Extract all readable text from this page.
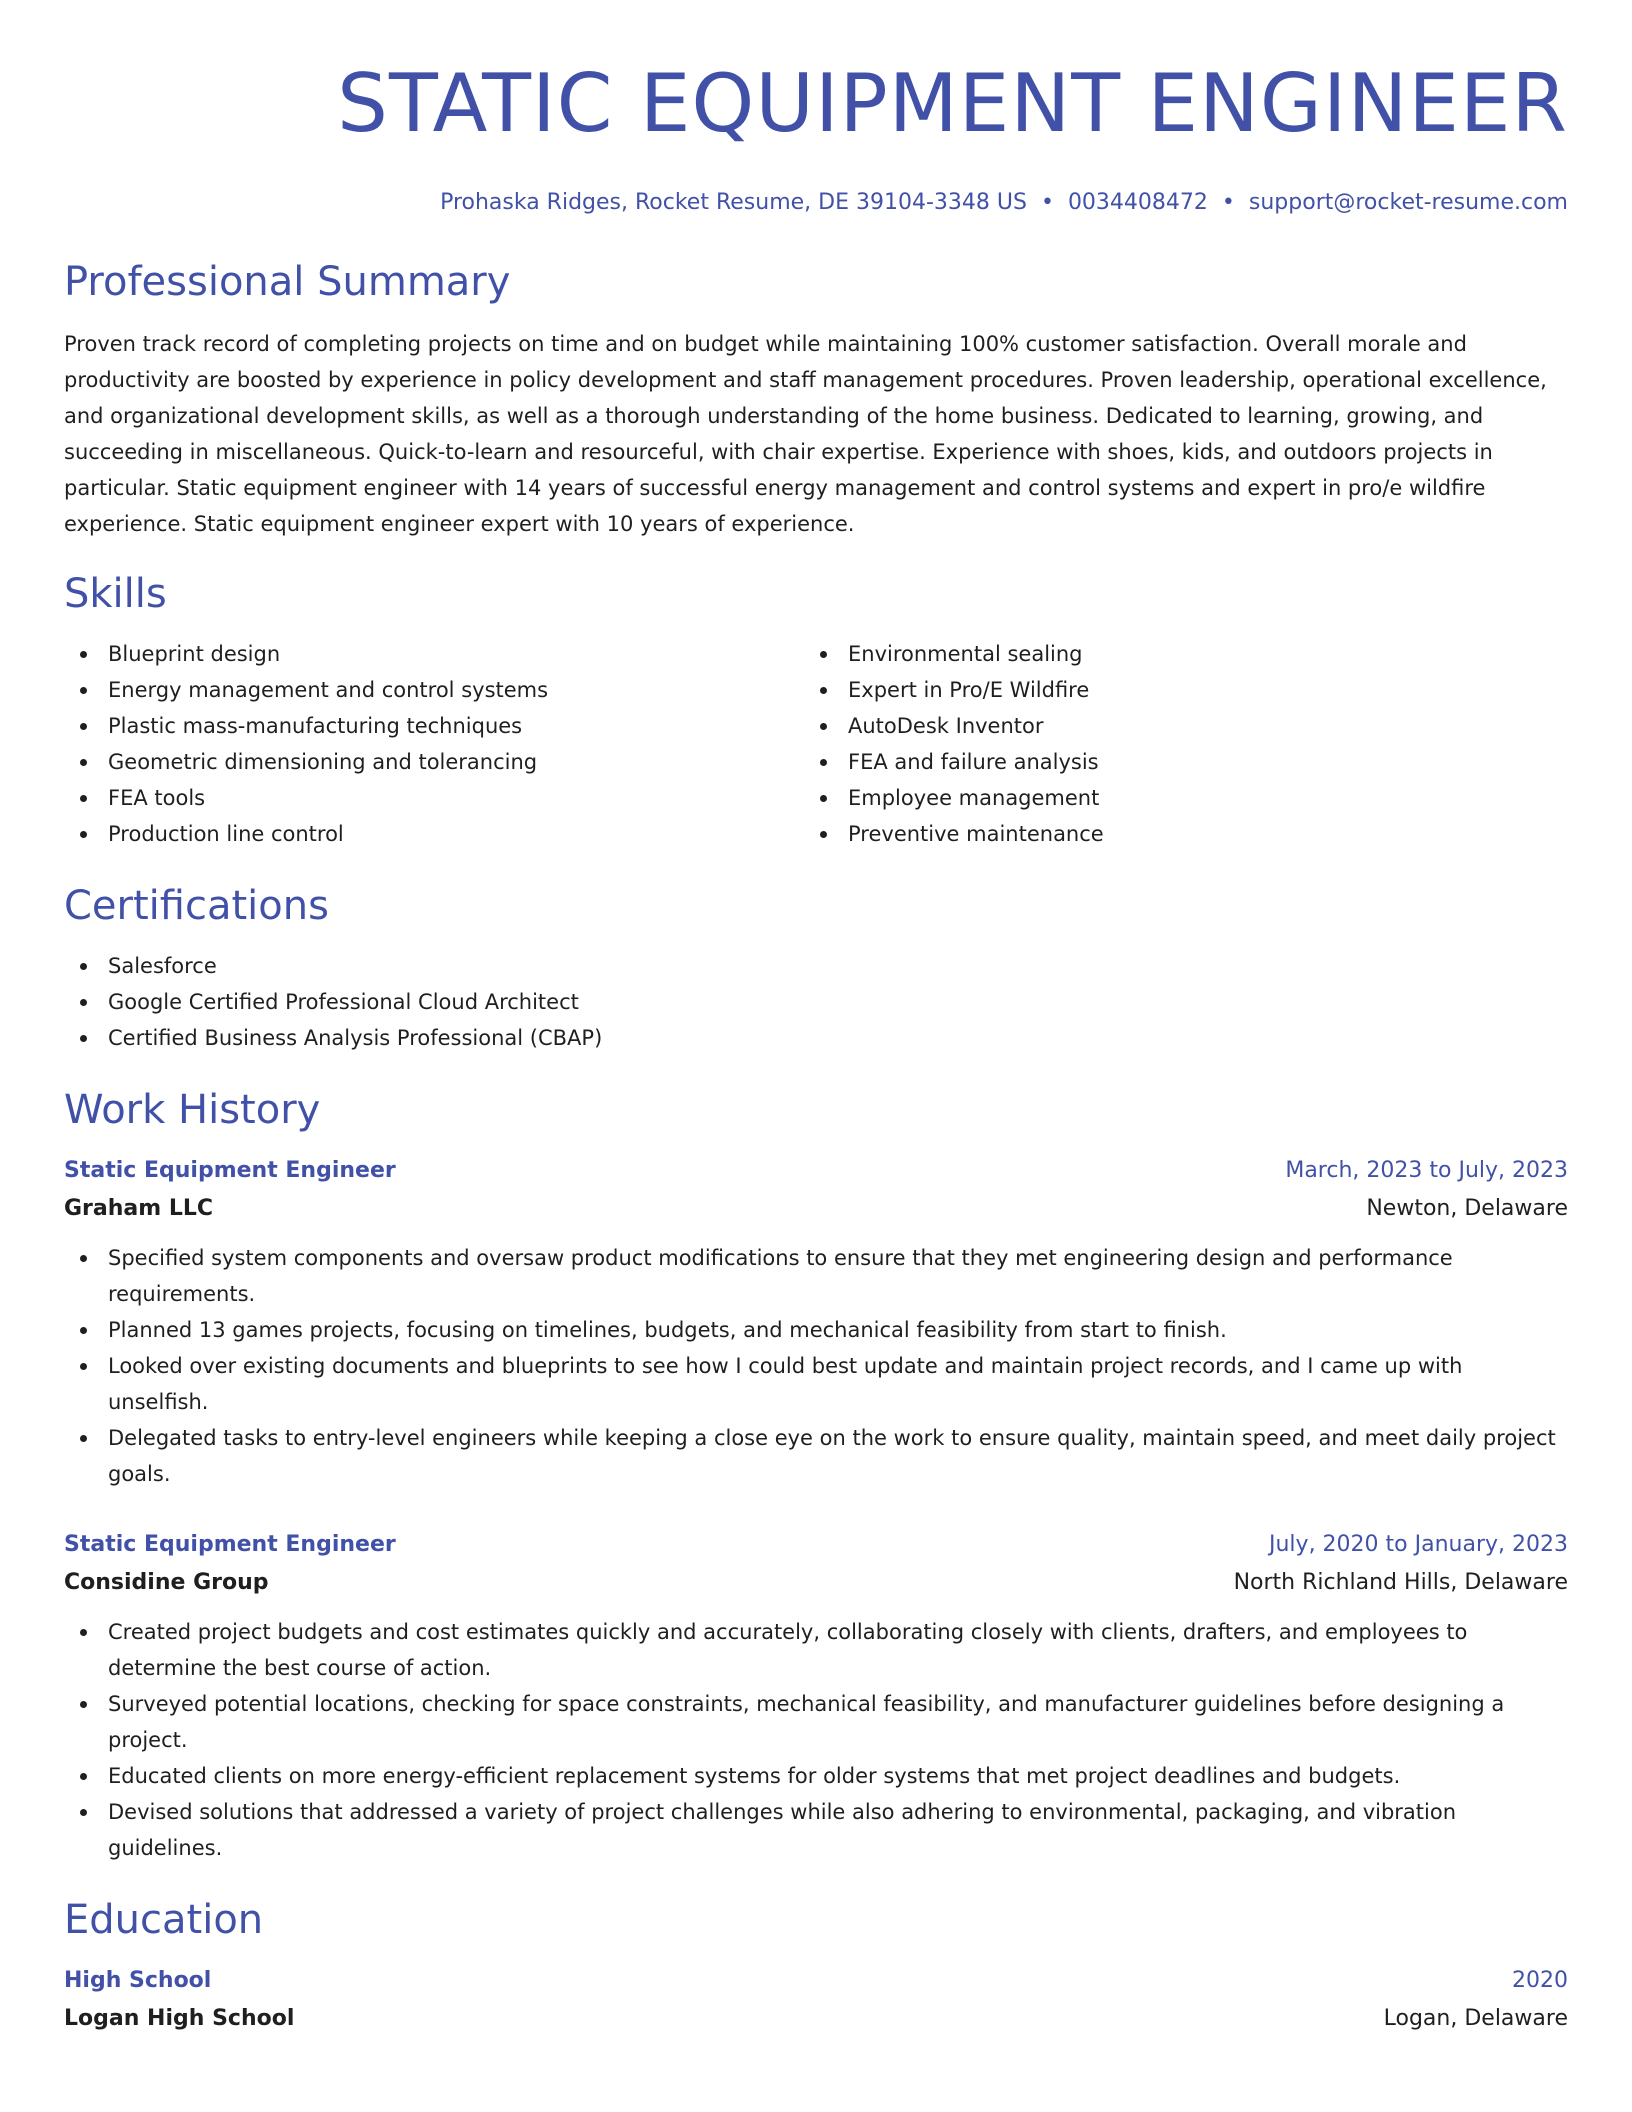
STATIC EQUIPMENT ENGINEER
Prohaska Ridges, Rocket Resume, DE 39104-3348 US • 0034408472 • support@rocket-resume.com
Professional Summary
Proven track record of completing projects on time and on budget while maintaining 100% customer satisfaction. Overall morale and productivity are boosted by experience in policy development and staff management procedures. Proven leadership, operational excellence, and organizational development skills, as well as a thorough understanding of the home business. Dedicated to learning, growing, and succeeding in miscellaneous. Quick-to-learn and resourceful, with chair expertise. Experience with shoes, kids, and outdoors projects in particular. Static equipment engineer with 14 years of successful energy management and control systems and expert in pro/e wildfire experience. Static equipment engineer expert with 10 years of experience.
Skills
Blueprint design
Energy management and control systems
Plastic mass-manufacturing techniques
Geometric dimensioning and tolerancing
FEA tools
Production line control
Environmental sealing
Expert in Pro/E Wildfire
AutoDesk Inventor
FEA and failure analysis
Employee management
Preventive maintenance
Certifications
Salesforce
Google Certified Professional Cloud Architect
Certified Business Analysis Professional (CBAP)
Work History
Static Equipment Engineer	March, 2023 to July, 2023
Graham LLC	Newton, Delaware
Specified system components and oversaw product modifications to ensure that they met engineering design and performance requirements.
Planned 13 games projects, focusing on timelines, budgets, and mechanical feasibility from start to finish.
Looked over existing documents and blueprints to see how I could best update and maintain project records, and I came up with unselfish.
Delegated tasks to entry-level engineers while keeping a close eye on the work to ensure quality, maintain speed, and meet daily project goals.
Static Equipment Engineer	July, 2020 to January, 2023
Considine Group	North Richland Hills, Delaware
Created project budgets and cost estimates quickly and accurately, collaborating closely with clients, drafters, and employees to determine the best course of action.
Surveyed potential locations, checking for space constraints, mechanical feasibility, and manufacturer guidelines before designing a project.
Educated clients on more energy-efficient replacement systems for older systems that met project deadlines and budgets.
Devised solutions that addressed a variety of project challenges while also adhering to environmental, packaging, and vibration guidelines.
Education
High School	2020
Logan High School	Logan, Delaware
